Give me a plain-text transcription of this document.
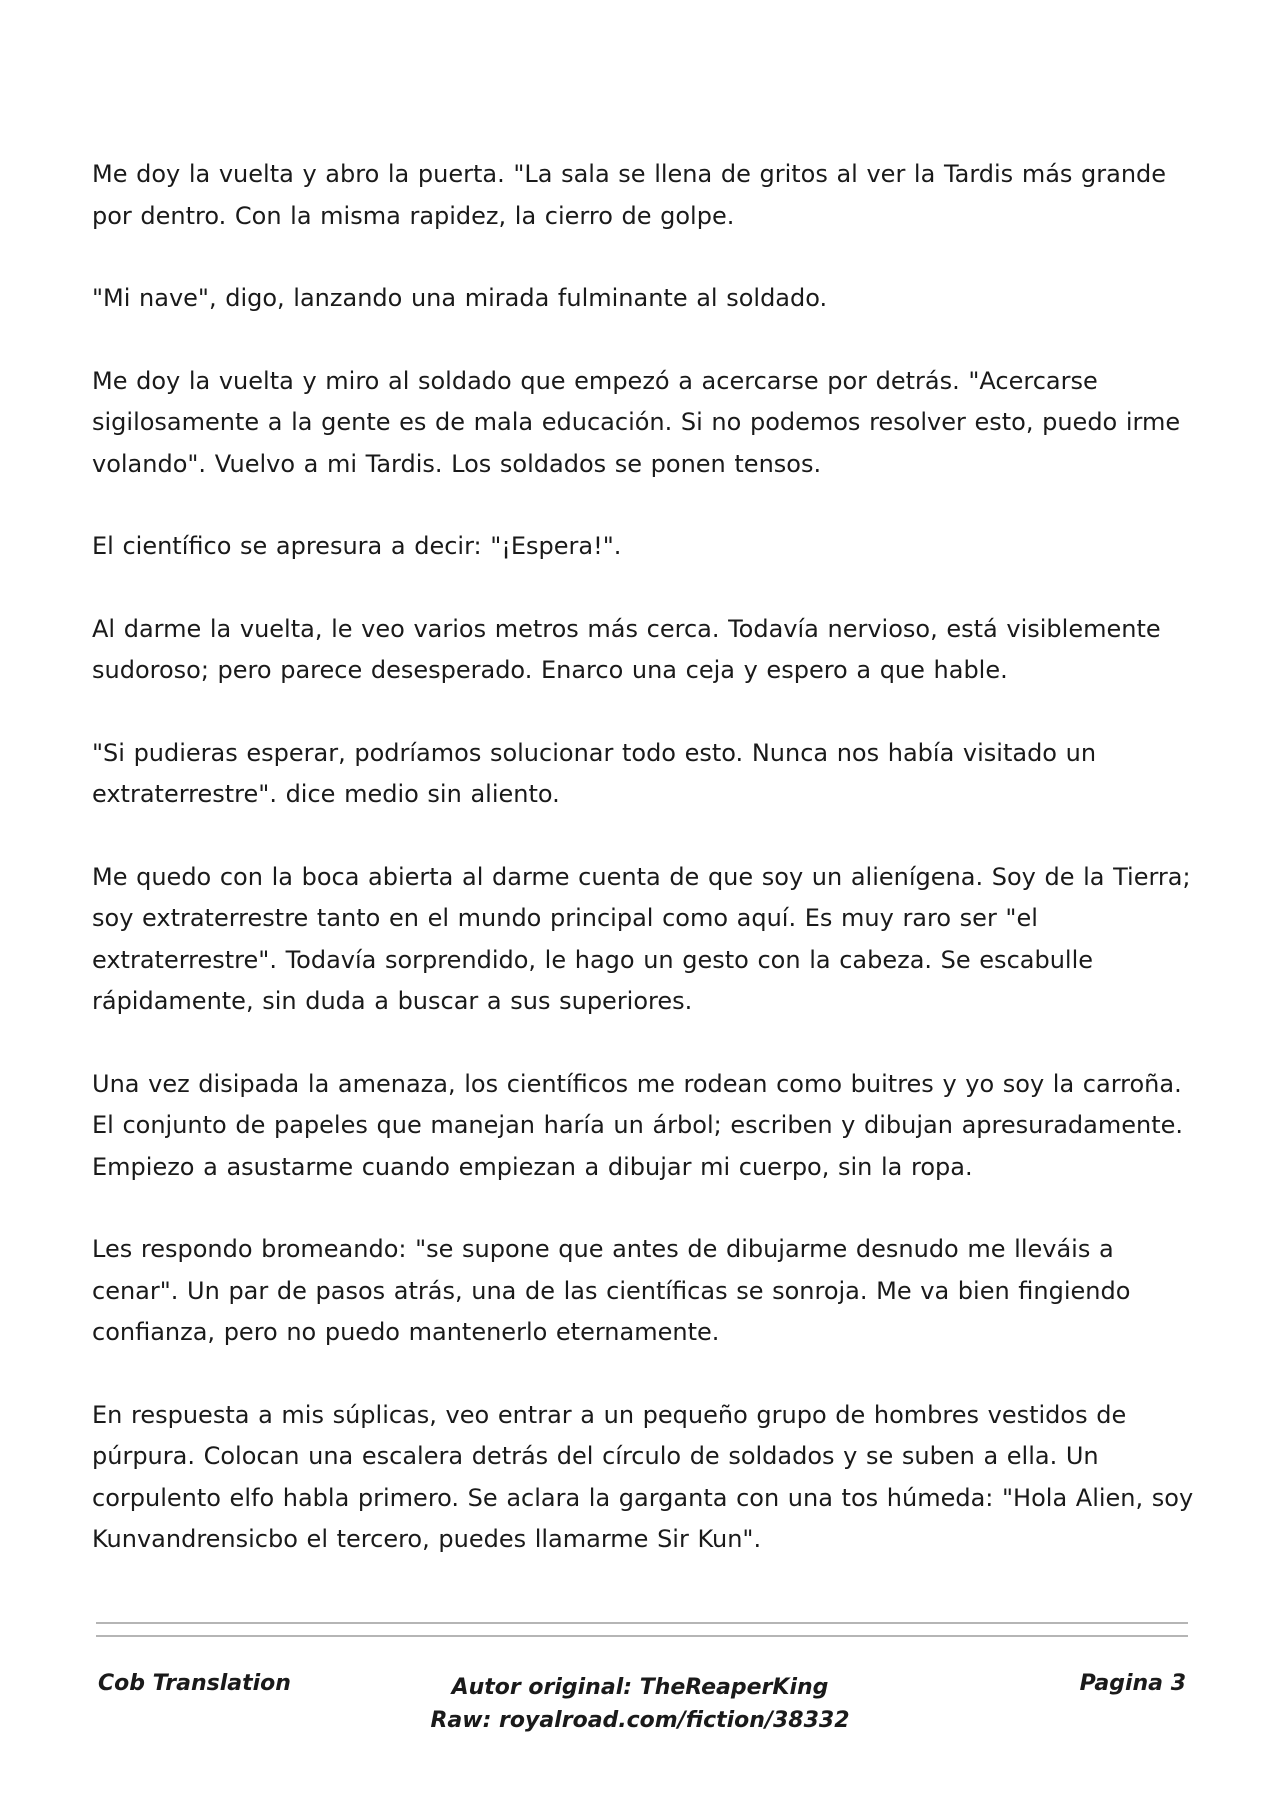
Me doy la vuelta y abro la puerta. "La sala se llena de gritos al ver la Tardis más grande por dentro. Con la misma rapidez, la cierro de golpe.

"Mi nave", digo, lanzando una mirada fulminante al soldado.

Me doy la vuelta y miro al soldado que empezó a acercarse por detrás. "Acercarse sigilosamente a la gente es de mala educación. Si no podemos resolver esto, puedo irme volando". Vuelvo a mi Tardis. Los soldados se ponen tensos.

El científico se apresura a decir: "¡Espera!".

Al darme la vuelta, le veo varios metros más cerca. Todavía nervioso, está visiblemente sudoroso; pero parece desesperado. Enarco una ceja y espero a que hable.

"Si pudieras esperar, podríamos solucionar todo esto. Nunca nos había visitado un extraterrestre". dice medio sin aliento.

Me quedo con la boca abierta al darme cuenta de que soy un alienígena. Soy de la Tierra; soy extraterrestre tanto en el mundo principal como aquí. Es muy raro ser "el extraterrestre". Todavía sorprendido, le hago un gesto con la cabeza. Se escabulle rápidamente, sin duda a buscar a sus superiores.

Una vez disipada la amenaza, los científicos me rodean como buitres y yo soy la carroña. El conjunto de papeles que manejan haría un árbol; escriben y dibujan apresuradamente. Empiezo a asustarme cuando empiezan a dibujar mi cuerpo, sin la ropa.

Les respondo bromeando: "se supone que antes de dibujarme desnudo me lleváis a cenar". Un par de pasos atrás, una de las científicas se sonroja. Me va bien fingiendo confianza, pero no puedo mantenerlo eternamente.

En respuesta a mis súplicas, veo entrar a un pequeño grupo de hombres vestidos de púrpura. Colocan una escalera detrás del círculo de soldados y se suben a ella. Un corpulento elfo habla primero. Se aclara la garganta con una tos húmeda: "Hola Alien, soy Kunvandrensicbo el tercero, puedes llamarme Sir Kun".

Cob Translation	Autor original: TheReaperKing
Raw: royalroad.com/fiction/38332
Pagina 3
